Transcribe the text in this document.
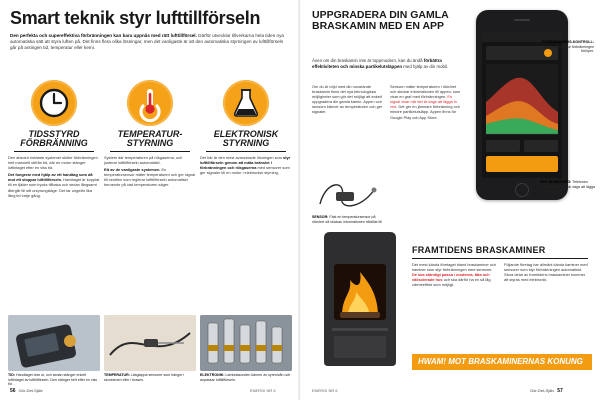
Smart teknik styr lufttillförseln
Den perfekta och supereffektiva förbränningen kan bara uppnås med rätt lufttillförsel. Därför utvecklar tillverkarna hela tiden nya automatiska sätt att styra luften på. Det finns flera olika lösningar, men det vanligaste är att den automatiska styrningen av lufttillförseln går på antingen tid, temperatur eller kemi.
TIDSSTYRD
FÖRBRÄNNING

Den absolut enklaste systemet sköter förbränningen helt manuellt utifrån tid, där en motor stänger luftintaget efter en viss tid.

Det fungerar med hjälp av ett handtag som då mot ett stoppar lufttillförseln. Handtaget är kopplat till en fjäder som trycks tillbaka och sedan långsamt återgår till sitt ursprungsläge. Det tar ungefär lika lång tid varje gång.

TID: Handtaget drar ut, och sedan stänger enkelt luftintaget av lufttillförseln. Den stänger helt efter en viss tid.
TEMPERATUR-
STYRNING

System där temperaturen på rökgaserna, och justerar lufttillförseln automatiskt.

Ett av de vanligaste systemen. En temperatursensor mäter temperaturen och ger signal till ventilen som reglerar lufttillförseln automatiskt beroende på vad temperaturen säger.

TEMPERATUR: Läsglappa sensorer som hänger i skorstenen eller i brasen.
ELEKTRONISK
STYRNING

Det här är den mest avancerade lösningen som styr lufttillförseln genom att mäta bränslet i förbränningen och rökgaserna med sensorer som ger signaler till en motor i elektronisk styrning.

ELEKTRONIK: Lambdasonden känner av syrenivån och anpassar lufttillförseln.
56 Gör-Det-Själv	ENERGI NR 6
UPPGRADERA DIN GAMLA BRASKAMIN MED EN APP
Även om din braskamin inte är toppmodern, kan du ändå förbättra effektiviteten och minska partikelutsläppen med hjälp av din mobil.

Om du är nöjd med din nuvarande braskamin finns det nya teknologiska möjligheter som gör det möjligt att enkelt uppgradera din gamla kamin. Appen och sensorn känner av temperaturen och ger signaler.

Sensorn mäter temperaturen i rökröret och skickar informationen till appen, som visar en graf med förbränningen. En signal visar när det är dags att lägga in ved. Det ger en jämnare förbränning och mindre partikelutsläpp. Appen finns för Google Play och App Store.

SENSOR: Fäst en temperatursensor på rökröret så skickas informationen trådlöst till
FÖRBRÄNNINGS-KONTROLL: Grafen visar hur förbränningen förlöper.
APP-SLÄNGNING: Telefonen meddelar när det är dags att lägga in nästa vedträ.
FRAMTIDENS BRASKAMINER
Det mest kända företaget bland braskaminer och kaminer som styr förbränningen med sensorer. De ska ständigt passa i moderna, täta och välisolerade hus och ska därför ha en så låg värmeeffekt som möjligt.
Följande företag har allmänt kända kaminer med sensorer som styr förbränningen automatiskt. Stora delar av framtidens braskaminer kommer att styras med elektronik.
HWAM! MOT BRASKAMINERNAS KONUNG
ENERGI NR 6	Gör-Det-Själv 57
